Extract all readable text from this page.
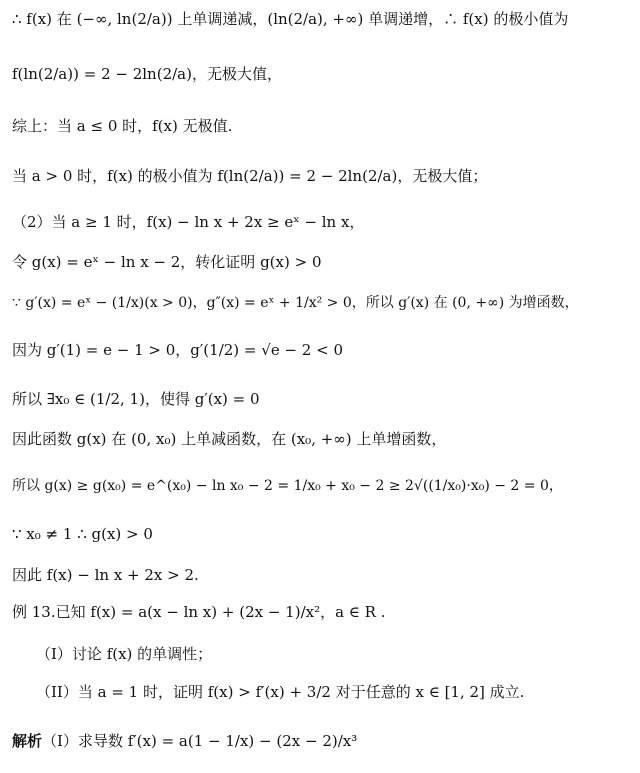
∴ f(x) 在 (−∞, ln(2/a)) 上单调递减，(ln(2/a), +∞) 单调递增，∴ f(x) 的极小值为
f(ln(2/a)) = 2 − 2ln(2/a)，无极大值，
综上：当 a ≤ 0 时，f(x) 无极值.
当 a > 0 时，f(x) 的极小值为 f(ln(2/a)) = 2 − 2ln(2/a)，无极大值；
（2）当 a ≥ 1 时，f(x) − ln x + 2x ≥ eˣ − ln x，
令 g(x) = eˣ − ln x − 2，转化证明 g(x) > 0
∵ g′(x) = eˣ − (1/x)(x > 0)，g″(x) = eˣ + 1/x² > 0，所以 g′(x) 在 (0, +∞) 为增函数，
因为 g′(1) = e − 1 > 0，g′(1/2) = √e − 2 < 0
所以 ∃x₀ ∈ (1/2, 1)，使得 g′(x) = 0
因此函数 g(x) 在 (0, x₀) 上单减函数，在 (x₀, +∞) 上单增函数，
所以 g(x) ≥ g(x₀) = e^(x₀) − ln x₀ − 2 = 1/x₀ + x₀ − 2 ≥ 2√((1/x₀)·x₀) − 2 = 0，
∵ x₀ ≠ 1 ∴ g(x) > 0
因此 f(x) − ln x + 2x > 2.
例 13.已知 f(x) = a(x − ln x) + (2x − 1)/x²，a ∈ R .
（I）讨论 f(x) 的单调性；
（II）当 a = 1 时，证明 f(x) > f′(x) + 3/2 对于任意的 x ∈ [1, 2] 成立.
解析（I）求导数 f′(x) = a(1 − 1/x) − (2x − 2)/x³
